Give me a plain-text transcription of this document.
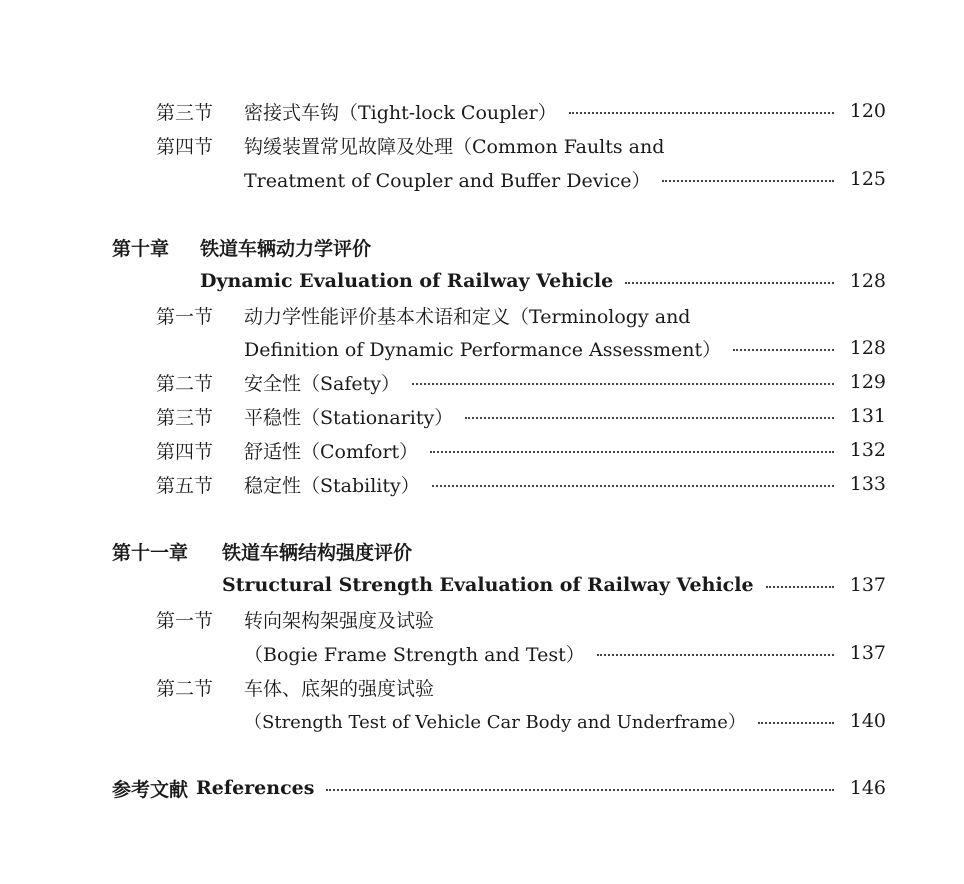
第三节	密接式车钩（Tight-lock Coupler）	120
第四节	钩缓装置常见故障及处理（Common Faults and
Treatment of Coupler and Buffer Device）	125
第十章	铁道车辆动力学评价
Dynamic Evaluation of Railway Vehicle	128
第一节	动力学性能评价基本术语和定义（Terminology and
Definition of Dynamic Performance Assessment）	128
第二节	安全性（Safety）	129
第三节	平稳性（Stationarity）	131
第四节	舒适性（Comfort）	132
第五节	稳定性（Stability）	133
第十一章	铁道车辆结构强度评价
Structural Strength Evaluation of Railway Vehicle	137
第一节	转向架构架强度及试验
（Bogie Frame Strength and Test）	137
第二节	车体、底架的强度试验
（Strength Test of Vehicle Car Body and Underframe）	140
参考文献 References	146
